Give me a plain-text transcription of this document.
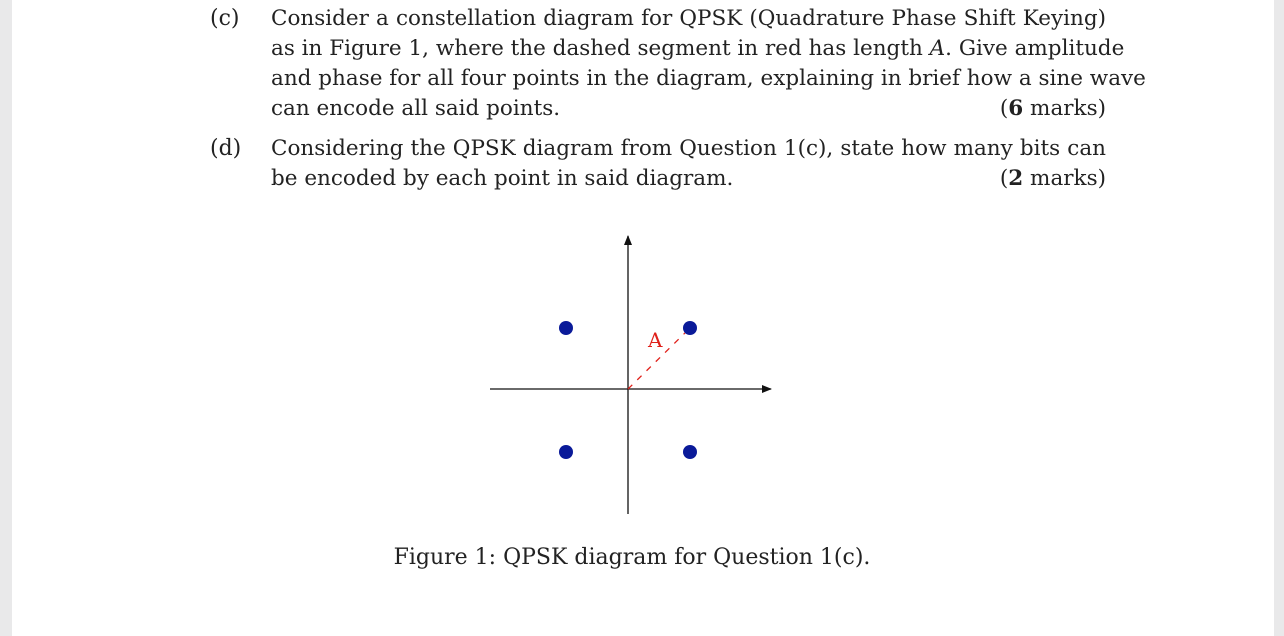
(c) Consider a constellation diagram for QPSK (Quadrature Phase Shift Keying)
as in Figure 1, where the dashed segment in red has length A. Give amplitude
and phase for all four points in the diagram, explaining in brief how a sine wave
can encode all said points.	(6 marks)
(d) Considering the QPSK diagram from Question 1(c), state how many bits can
be encoded by each point in said diagram.	(2 marks)
A
Figure 1: QPSK diagram for Question 1(c).
